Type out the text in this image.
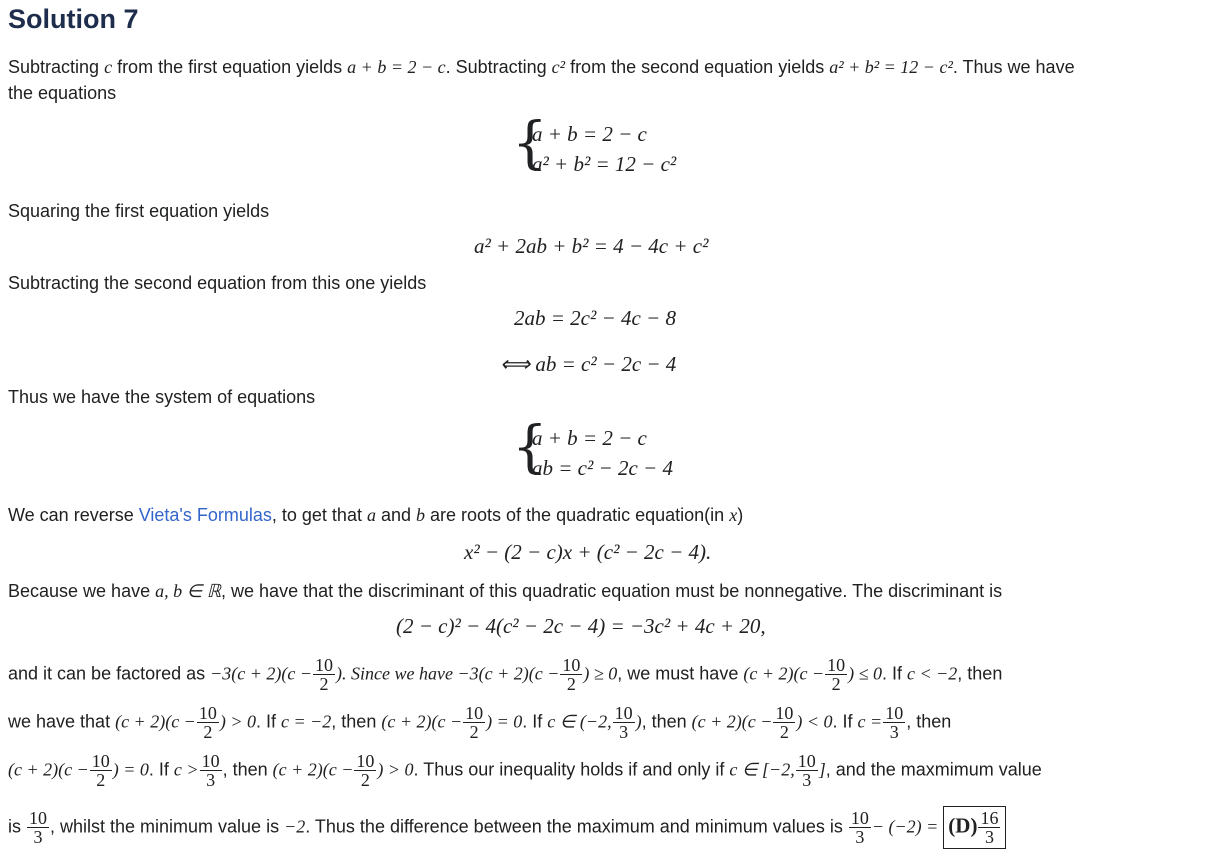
Solution 7
Subtracting c from the first equation yields a + b = 2 − c. Subtracting c² from the second equation yields a² + b² = 12 − c². Thus we have
the equations
{
a + b = 2 − c
a² + b² = 12 − c²
Squaring the first equation yields
a² + 2ab + b² = 4 − 4c + c²
Subtracting the second equation from this one yields
2ab = 2c² − 4c − 8
⟺ ab = c² − 2c − 4
Thus we have the system of equations
{
a + b = 2 − c
ab = c² − 2c − 4
We can reverse Vieta's Formulas, to get that a and b are roots of the quadratic equation(in x)
x² − (2 − c)x + (c² − 2c − 4).
Because we have a, b ∈ ℝ, we have that the discriminant of this quadratic equation must be nonnegative. The discriminant is
(2 − c)² − 4(c² − 2c − 4) = −3c² + 4c + 20,
and it can be factored as $-3(c + 2)(c - \frac{10}{2}$ ). Since we have $-3(c + 2)(c - \frac{10}{2}$ ) ≥ 0, we must have $(c + 2)(c - \frac{10}{2}$ ) ≤ 0. If c < −2, then
we have that $(c + 2)(c - \frac{10}{2}$ ) > 0. If c = −2, then $(c + 2)(c - \frac{10}{2}$ ) = 0. If c ∈ (−2, $\frac{10}{3}$ ), then $(c + 2)(c - \frac{10}{2}$ ) < 0. If $c = \frac{10}{3}$ , then
$(c + 2)(c - \frac{10}{2}$ ) = 0. If $c > \frac{10}{3}$ , then $(c + 2)(c - \frac{10}{2}$ ) > 0. Thus our inequality holds if and only if c ∈ [−2, $\frac{10}{3}$ ], and the maxmimum value
is $\frac{10}{3}$ , whilst the minimum value is −2. Thus the difference between the maximum and minimum values is $\frac{10}{3} - (-2) = (D) \frac{16}{3}$
